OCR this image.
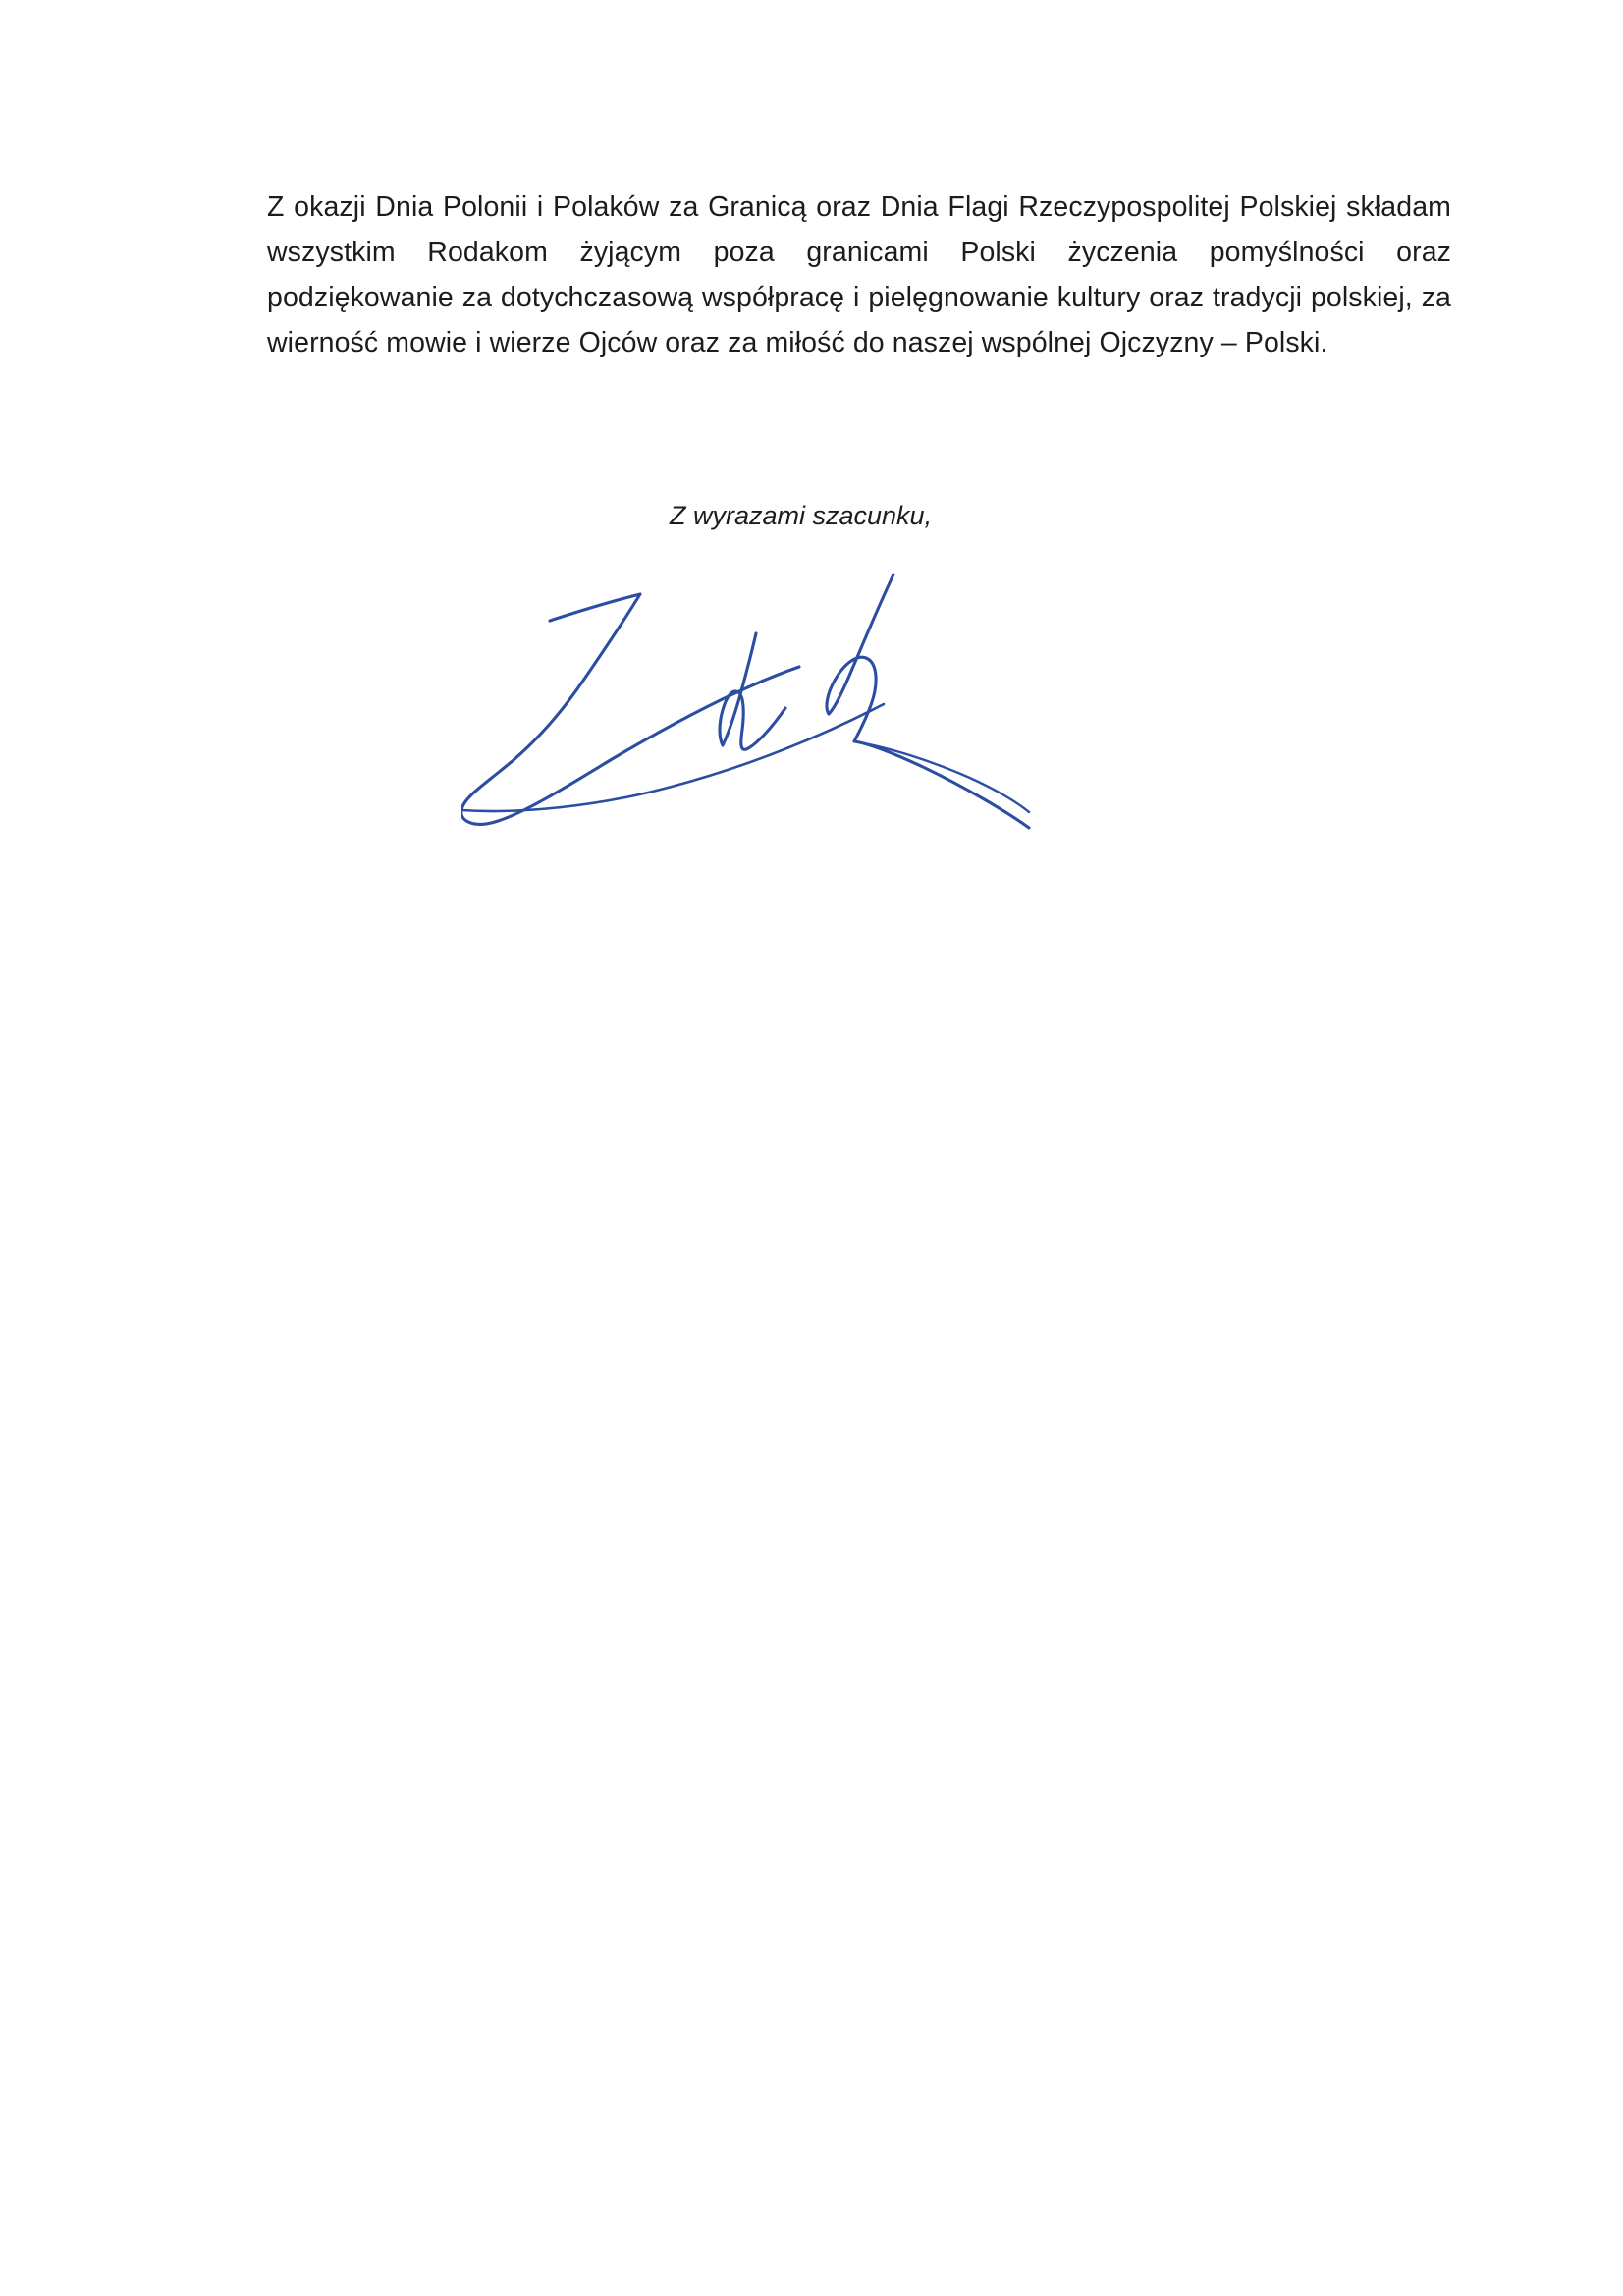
Z okazji Dnia Polonii i Polaków za Granicą oraz Dnia Flagi Rzeczypospolitej Polskiej składam wszystkim Rodakom żyjącym poza granicami Polski życzenia pomyślności oraz podziękowanie za dotychczasową współpracę i pielęgnowanie kultury oraz tradycji polskiej, za wierność mowie i wierze Ojców oraz za miłość do naszej wspólnej Ojczyzny – Polski.

Z wyrazami szacunku,
